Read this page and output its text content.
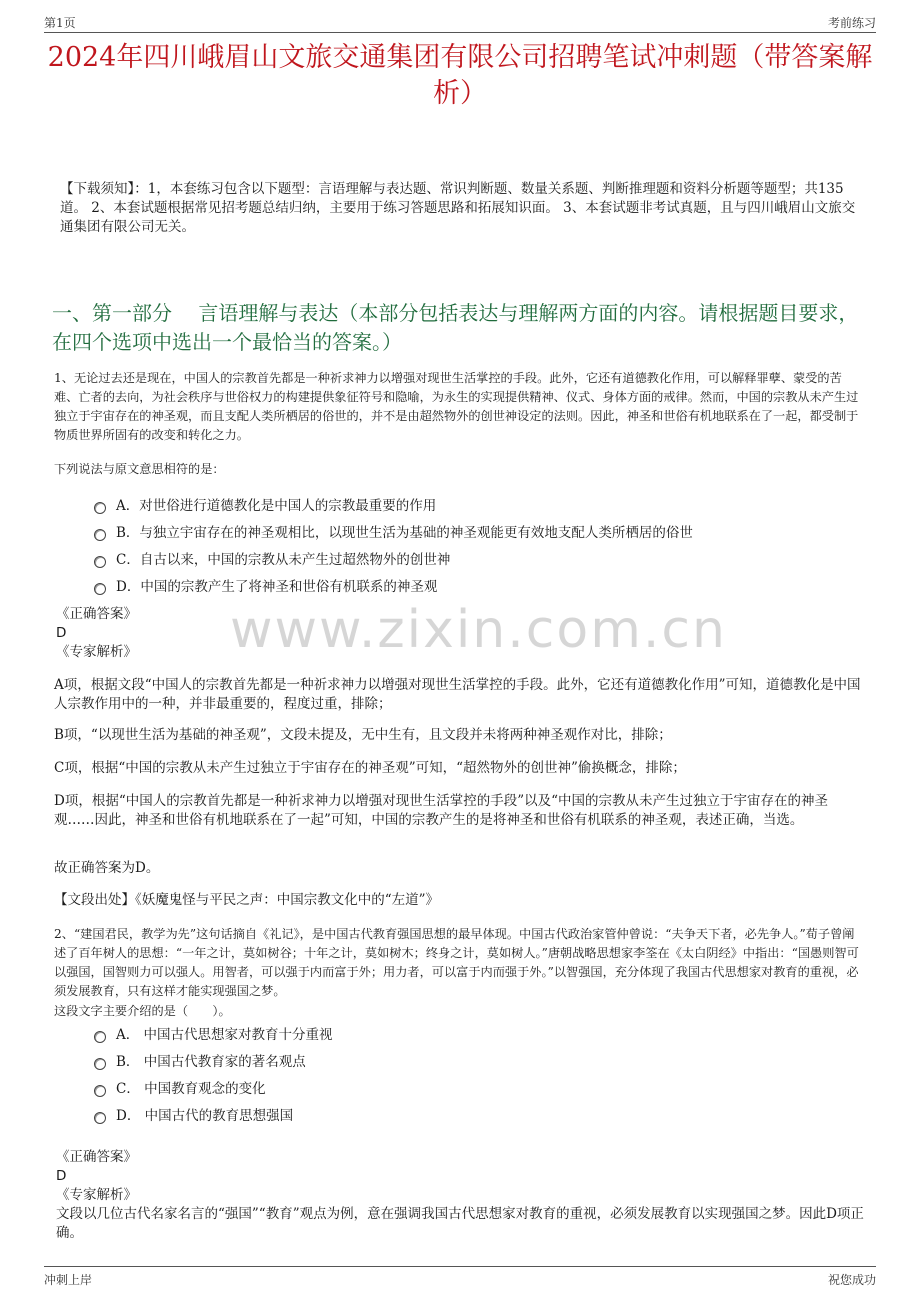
第1页	考前练习
2024年四川峨眉山文旅交通集团有限公司招聘笔试冲刺题（带答案解析）
【下载须知】：1，本套练习包含以下题型：言语理解与表达题、常识判断题、数量关系题、判断推理题和资料分析题等题型；共135道。 2、本套试题根据常见招考题总结归纳，主要用于练习答题思路和拓展知识面。 3、本套试题非考试真题，且与四川峨眉山文旅交通集团有限公司无关。
一、第一部分　 言语理解与表达（本部分包括表达与理解两方面的内容。请根据题目要求，在四个选项中选出一个最恰当的答案。）
www.zixin.com.cn
1、无论过去还是现在，中国人的宗教首先都是一种祈求神力以增强对现世生活掌控的手段。此外，它还有道德教化作用，可以解释罪孽、蒙受的苦难、亡者的去向，为社会秩序与世俗权力的构建提供象征符号和隐喻，为永生的实现提供精神、仪式、身体方面的戒律。然而，中国的宗教从未产生过独立于宇宙存在的神圣观，而且支配人类所栖居的俗世的，并不是由超然物外的创世神设定的法则。因此，神圣和世俗有机地联系在了一起，都受制于物质世界所固有的改变和转化之力。
下列说法与原文意思相符的是：
A．对世俗进行道德教化是中国人的宗教最重要的作用
B．与独立宇宙存在的神圣观相比，以现世生活为基础的神圣观能更有效地支配人类所栖居的俗世
C．自古以来，中国的宗教从未产生过超然物外的创世神
D．中国的宗教产生了将神圣和世俗有机联系的神圣观
《正确答案》
D
《专家解析》
A项，根据文段“中国人的宗教首先都是一种祈求神力以增强对现世生活掌控的手段。此外，它还有道德教化作用”可知，道德教化是中国人宗教作用中的一种，并非最重要的，程度过重，排除；
B项，“以现世生活为基础的神圣观”，文段未提及，无中生有，且文段并未将两种神圣观作对比，排除；
C项，根据“中国的宗教从未产生过独立于宇宙存在的神圣观”可知，“超然物外的创世神”偷换概念，排除；
D项，根据“中国人的宗教首先都是一种祈求神力以增强对现世生活掌控的手段”以及“中国的宗教从未产生过独立于宇宙存在的神圣观……因此，神圣和世俗有机地联系在了一起”可知，中国的宗教产生的是将神圣和世俗有机联系的神圣观，表述正确，当选。
故正确答案为D。
【文段出处】《妖魔鬼怪与平民之声：中国宗教文化中的“左道”》
2、“建国君民，教学为先”这句话摘自《礼记》，是中国古代教育强国思想的最早体现。中国古代政治家管仲曾说：“夫争天下者，必先争人。”荀子曾阐述了百年树人的思想：“一年之计，莫如树谷；十年之计，莫如树木；终身之计，莫如树人。”唐朝战略思想家李筌在《太白阴经》中指出：“国愚则智可以强国，国智则力可以强人。用智者，可以强于内而富于外；用力者，可以富于内而强于外。”以智强国，充分体现了我国古代思想家对教育的重视，必须发展教育，只有这样才能实现强国之梦。
这段文字主要介绍的是（　　）。
A． 中国古代思想家对教育十分重视
B． 中国古代教育家的著名观点
C． 中国教育观念的变化
D． 中国古代的教育思想强国
《正确答案》
D
《专家解析》
文段以几位古代名家名言的“强国”“教育”观点为例，意在强调我国古代思想家对教育的重视，必须发展教育以实现强国之梦。因此D项正确。
冲刺上岸	祝您成功
